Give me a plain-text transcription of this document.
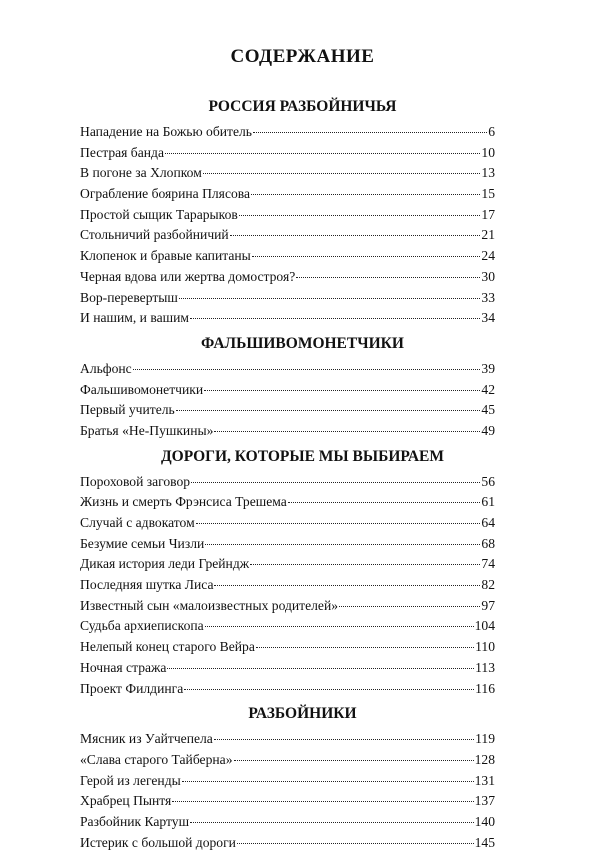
СОДЕРЖАНИЕ
РОССИЯ РАЗБОЙНИЧЬЯ
Нападение на Божью обитель	6
Пестрая банда	10
В погоне за Хлопком	13
Ограбление боярина Плясова	15
Простой сыщик Тарарыков	17
Стольничий разбойничий	21
Клопенок и бравые капитаны	24
Черная вдова или жертва домостроя?	30
Вор-перевертыш	33
И нашим, и вашим	34
ФАЛЬШИВОМОНЕТЧИКИ
Альфонс	39
Фальшивомонетчики	42
Первый учитель	45
Братья «Не-Пушкины»	49
ДОРОГИ, КОТОРЫЕ МЫ ВЫБИРАЕМ
Пороховой заговор	56
Жизнь и смерть Фрэнсиса Трешема	61
Случай с адвокатом	64
Безумие семьи Чизли	68
Дикая история леди Грейндж	74
Последняя шутка Лиса	82
Известный сын «малоизвестных родителей»	97
Судьба архиепископа	104
Нелепый конец старого Вейра	110
Ночная стража	113
Проект Филдинга	116
РАЗБОЙНИКИ
Мясник из Уайтчепела	119
«Слава старого Тайберна»	128
Герой из легенды	131
Храбрец Пынтя	137
Разбойник Картуш	140
Истерик с большой дороги	145
